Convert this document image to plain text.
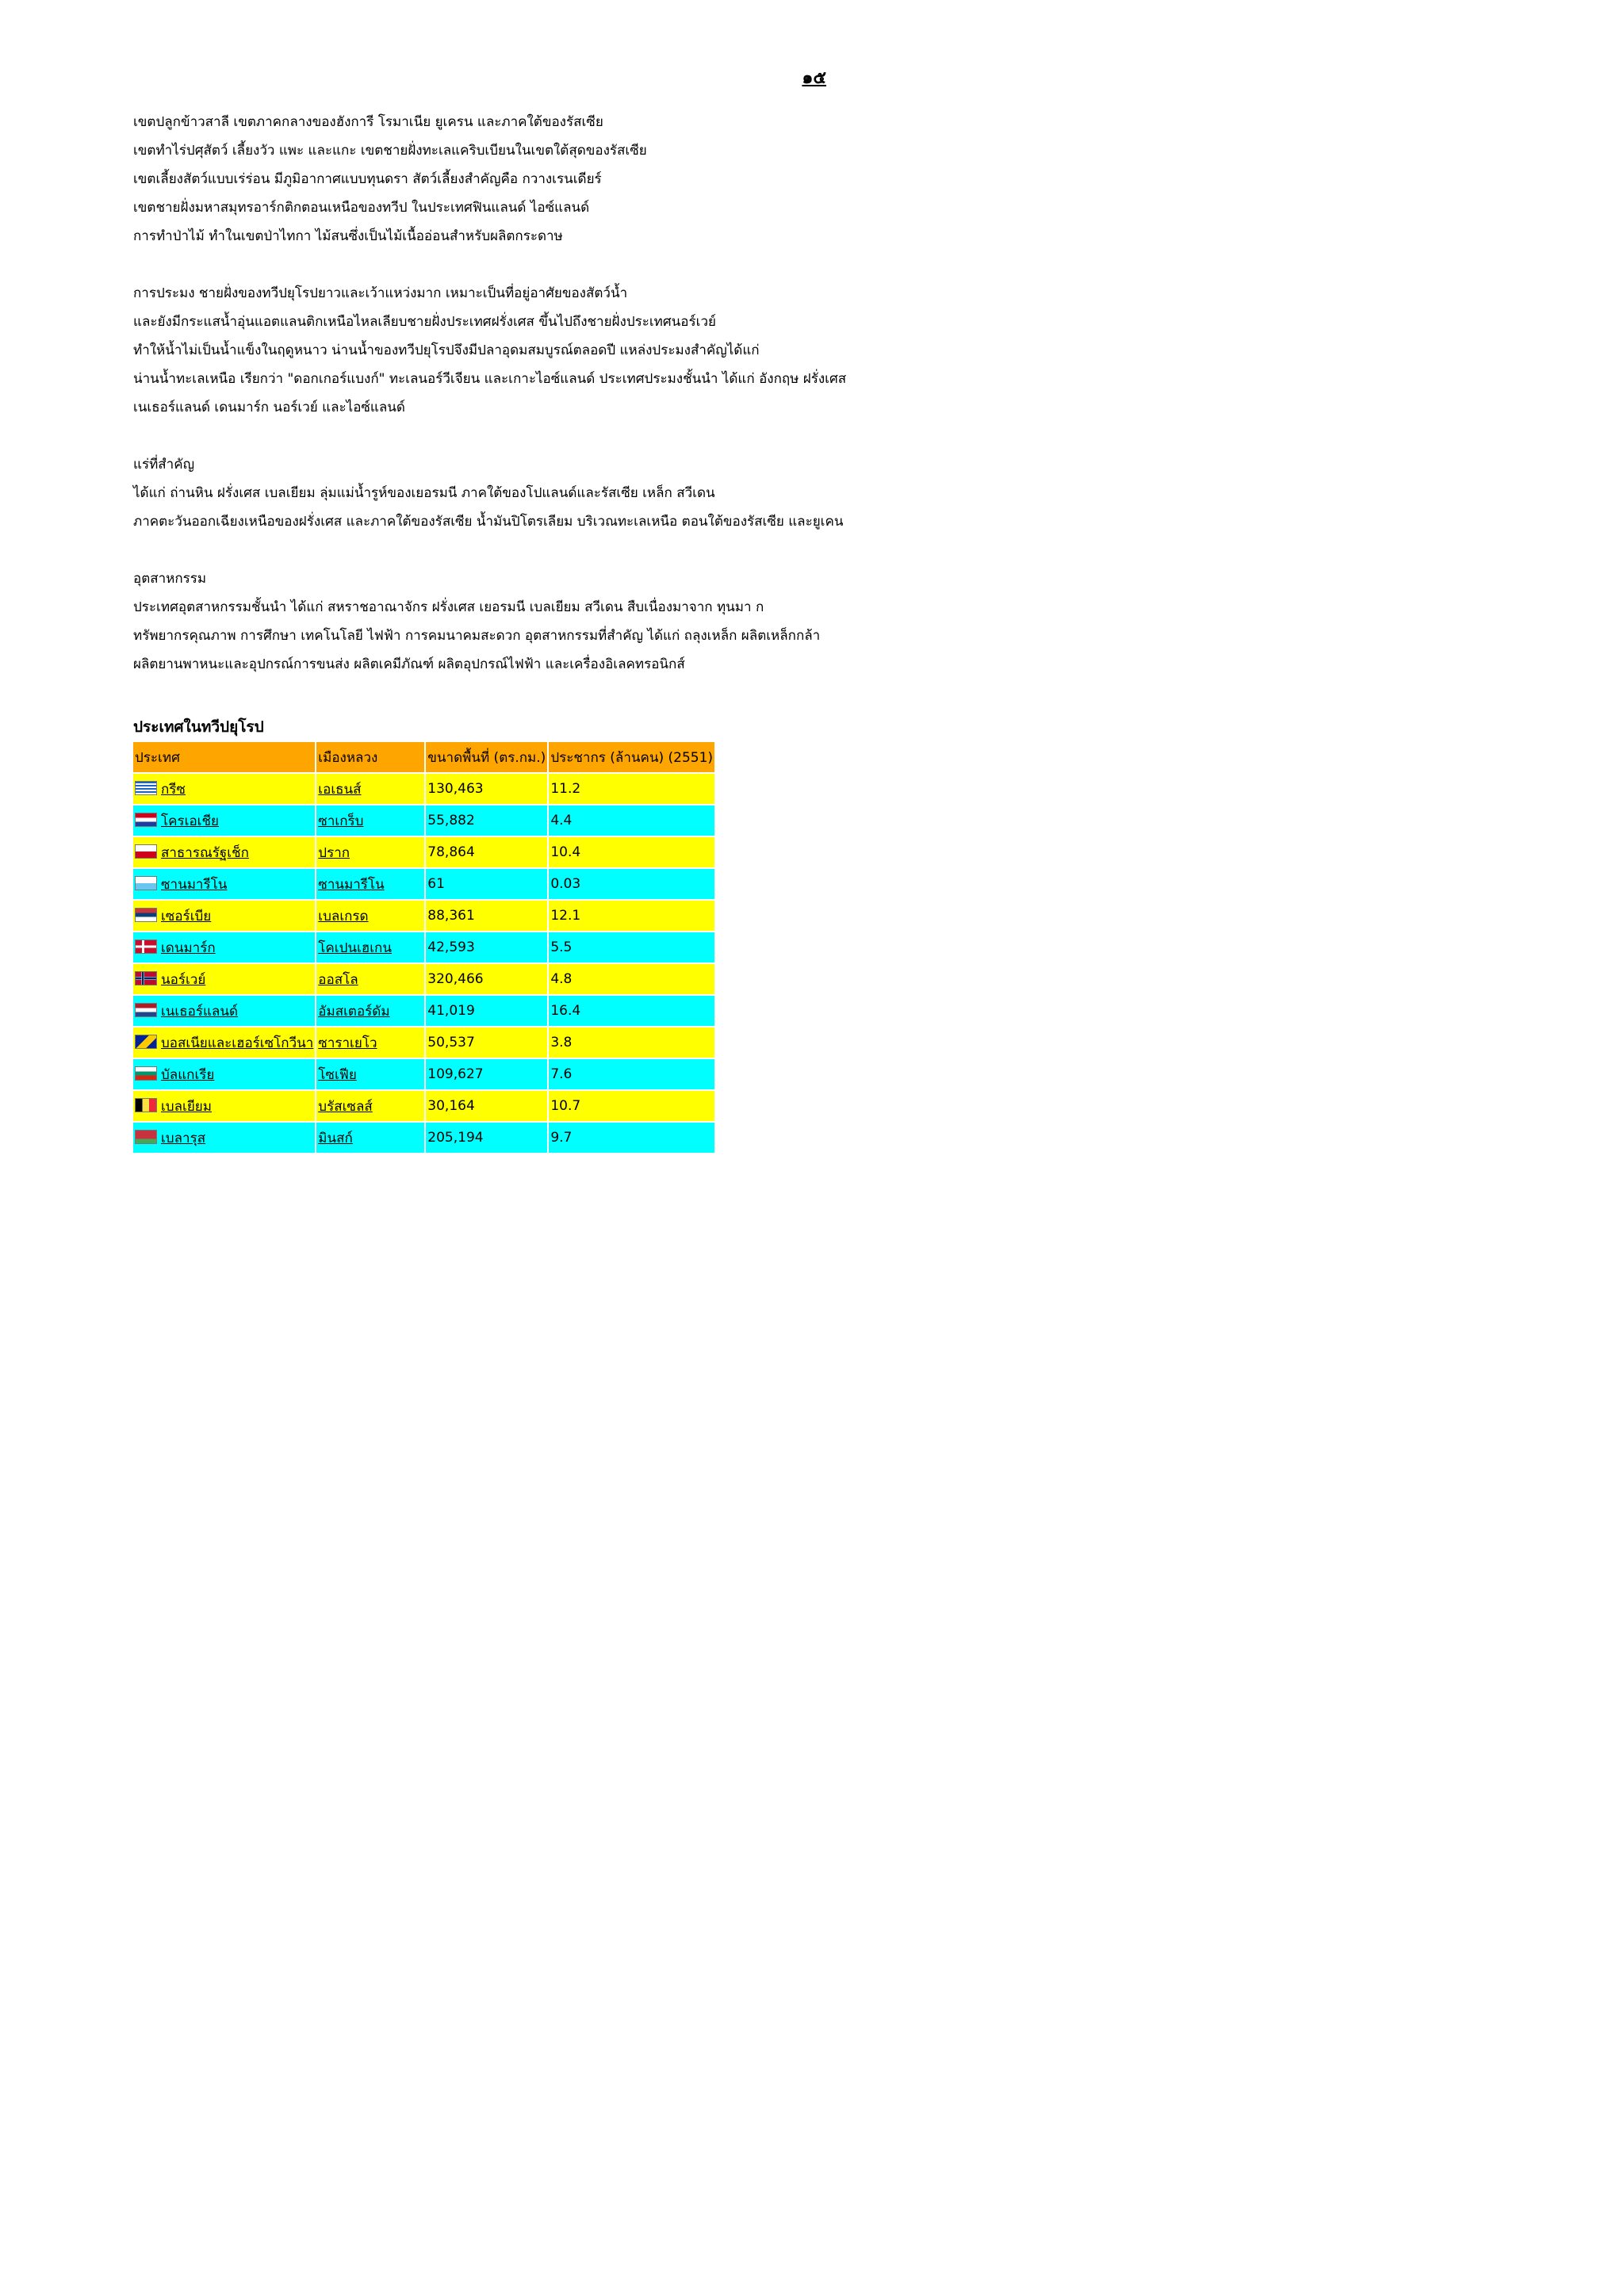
๑๕
เขตปลูกข้าวสาลี เขตภาคกลางของฮังการี โรมาเนีย ยูเครน และภาคใต้ของรัสเซีย
เขตทำไร่ปศุสัตว์ เลี้ยงวัว แพะ และแกะ เขตชายฝั่งทะเลแคริบเบียนในเขตใต้สุดของรัสเซีย
เขตเลี้ยงสัตว์แบบเร่ร่อน มีภูมิอากาศแบบทุนดรา สัตว์เลี้ยงสำคัญคือ กวางเรนเดียร์
เขตชายฝั่งมหาสมุทรอาร์กติกตอนเหนือของทวีป ในประเทศฟินแลนด์ ไอซ์แลนด์
การทำป่าไม้ ทำในเขตป่าไทกา ไม้สนซึ่งเป็นไม้เนื้ออ่อนสำหรับผลิตกระดาษ
การประมง ชายฝั่งของทวีปยุโรปยาวและเว้าแหว่งมาก เหมาะเป็นที่อยู่อาศัยของสัตว์น้ำ
และยังมีกระแสน้ำอุ่นแอตแลนติกเหนือไหลเลียบชายฝั่งประเทศฝรั่งเศส ขึ้นไปถึงชายฝั่งประเทศนอร์เวย์
ทำให้น้ำไม่เป็นน้ำแข็งในฤดูหนาว น่านน้ำของทวีปยุโรปจึงมีปลาอุดมสมบูรณ์ตลอดปี แหล่งประมงสำคัญได้แก่
น่านน้ำทะเลเหนือ เรียกว่า "ดอกเกอร์แบงก์" ทะเลนอร์วีเจียน และเกาะไอซ์แลนด์ ประเทศประมงชั้นนำ ได้แก่ อังกฤษ ฝรั่งเศส
เนเธอร์แลนด์ เดนมาร์ก นอร์เวย์ และไอซ์แลนด์
แร่ที่สำคัญ
ได้แก่ ถ่านหิน ฝรั่งเศส เบลเยียม ลุ่มแม่น้ำรูห์ของเยอรมนี ภาคใต้ของโปแลนด์และรัสเซีย เหล็ก สวีเดน
ภาคตะวันออกเฉียงเหนือของฝรั่งเศส และภาคใต้ของรัสเซีย น้ำมันปิโตรเลียม บริเวณทะเลเหนือ ตอนใต้ของรัสเซีย และยูเคน
อุตสาหกรรม
ประเทศอุตสาหกรรมชั้นนำ ได้แก่ สหราชอาณาจักร ฝรั่งเศส เยอรมนี เบลเยียม สวีเดน สืบเนื่องมาจาก ทุนมา ก
ทรัพยากรคุณภาพ การศึกษา เทคโนโลยี ไฟฟ้า การคมนาคมสะดวก อุตสาหกรรมที่สำคัญ ได้แก่ ถลุงเหล็ก ผลิตเหล็กกล้า
ผลิตยานพาหนะและอุปกรณ์การขนส่ง ผลิตเคมีภัณฑ์ ผลิตอุปกรณ์ไฟฟ้า และเครื่องอิเลคทรอนิกส์
ประเทศในทวีปยุโรป
ประเทศ	เมืองหลวง	ขนาดพื้นที่ (ตร.กม.)	ประชากร (ล้านคน) (2551)
กรีซ	เอเธนส์	130,463	11.2
โครเอเชีย	ซาเกร็บ	55,882	4.4
สาธารณรัฐเช็ก	ปราก	78,864	10.4
ซานมารีโน	ซานมารีโน	61	0.03
เซอร์เบีย	เบลเกรด	88,361	12.1
เดนมาร์ก	โคเปนเฮเกน	42,593	5.5
นอร์เวย์	ออสโล	320,466	4.8
เนเธอร์แลนด์	อัมสเตอร์ดัม	41,019	16.4
บอสเนียและเฮอร์เซโกวีนา	ซาราเยโว	50,537	3.8
บัลแกเรีย	โซเฟีย	109,627	7.6
เบลเยียม	บรัสเซลส์	30,164	10.7
เบลารุส	มินสก์	205,194	9.7
